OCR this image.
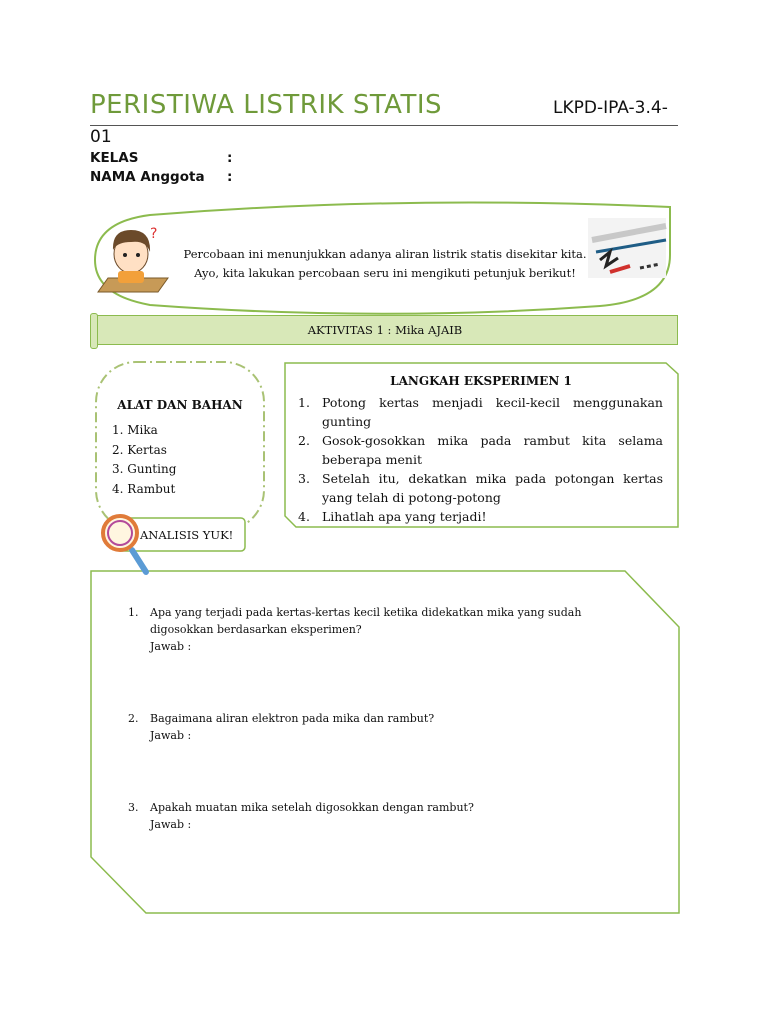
?
PERISTIWA LISTRIK STATIS	LKPD-IPA-3.4-
01
KELAS	:
NAMA Anggota :
Percobaan ini menunjukkan adanya aliran listrik statis disekitar kita.
Ayo, kita lakukan percobaan seru ini mengikuti petunjuk berikut!
AKTIVITAS 1 : Mika AJAIB
ALAT DAN BAHAN
1. Mika
2. Kertas
3. Gunting
4. Rambut
LANGKAH EKSPERIMEN 1
1. Potong kertas menjadi kecil-kecil menggunakan gunting
2. Gosok-gosokkan mika pada rambut kita selama beberapa menit
3. Setelah itu, dekatkan mika pada potongan kertas yang telah di potong-potong
4. Lihatlah apa yang terjadi!
ANALISIS YUK!
1.	Apa yang terjadi pada kertas-kertas kecil ketika didekatkan mika yang sudah digosokkan berdasarkan eksperimen?
Jawab :
2.	Bagaimana aliran elektron pada mika dan rambut?
Jawab :
3.	Apakah muatan mika setelah digosokkan dengan rambut?
Jawab :
